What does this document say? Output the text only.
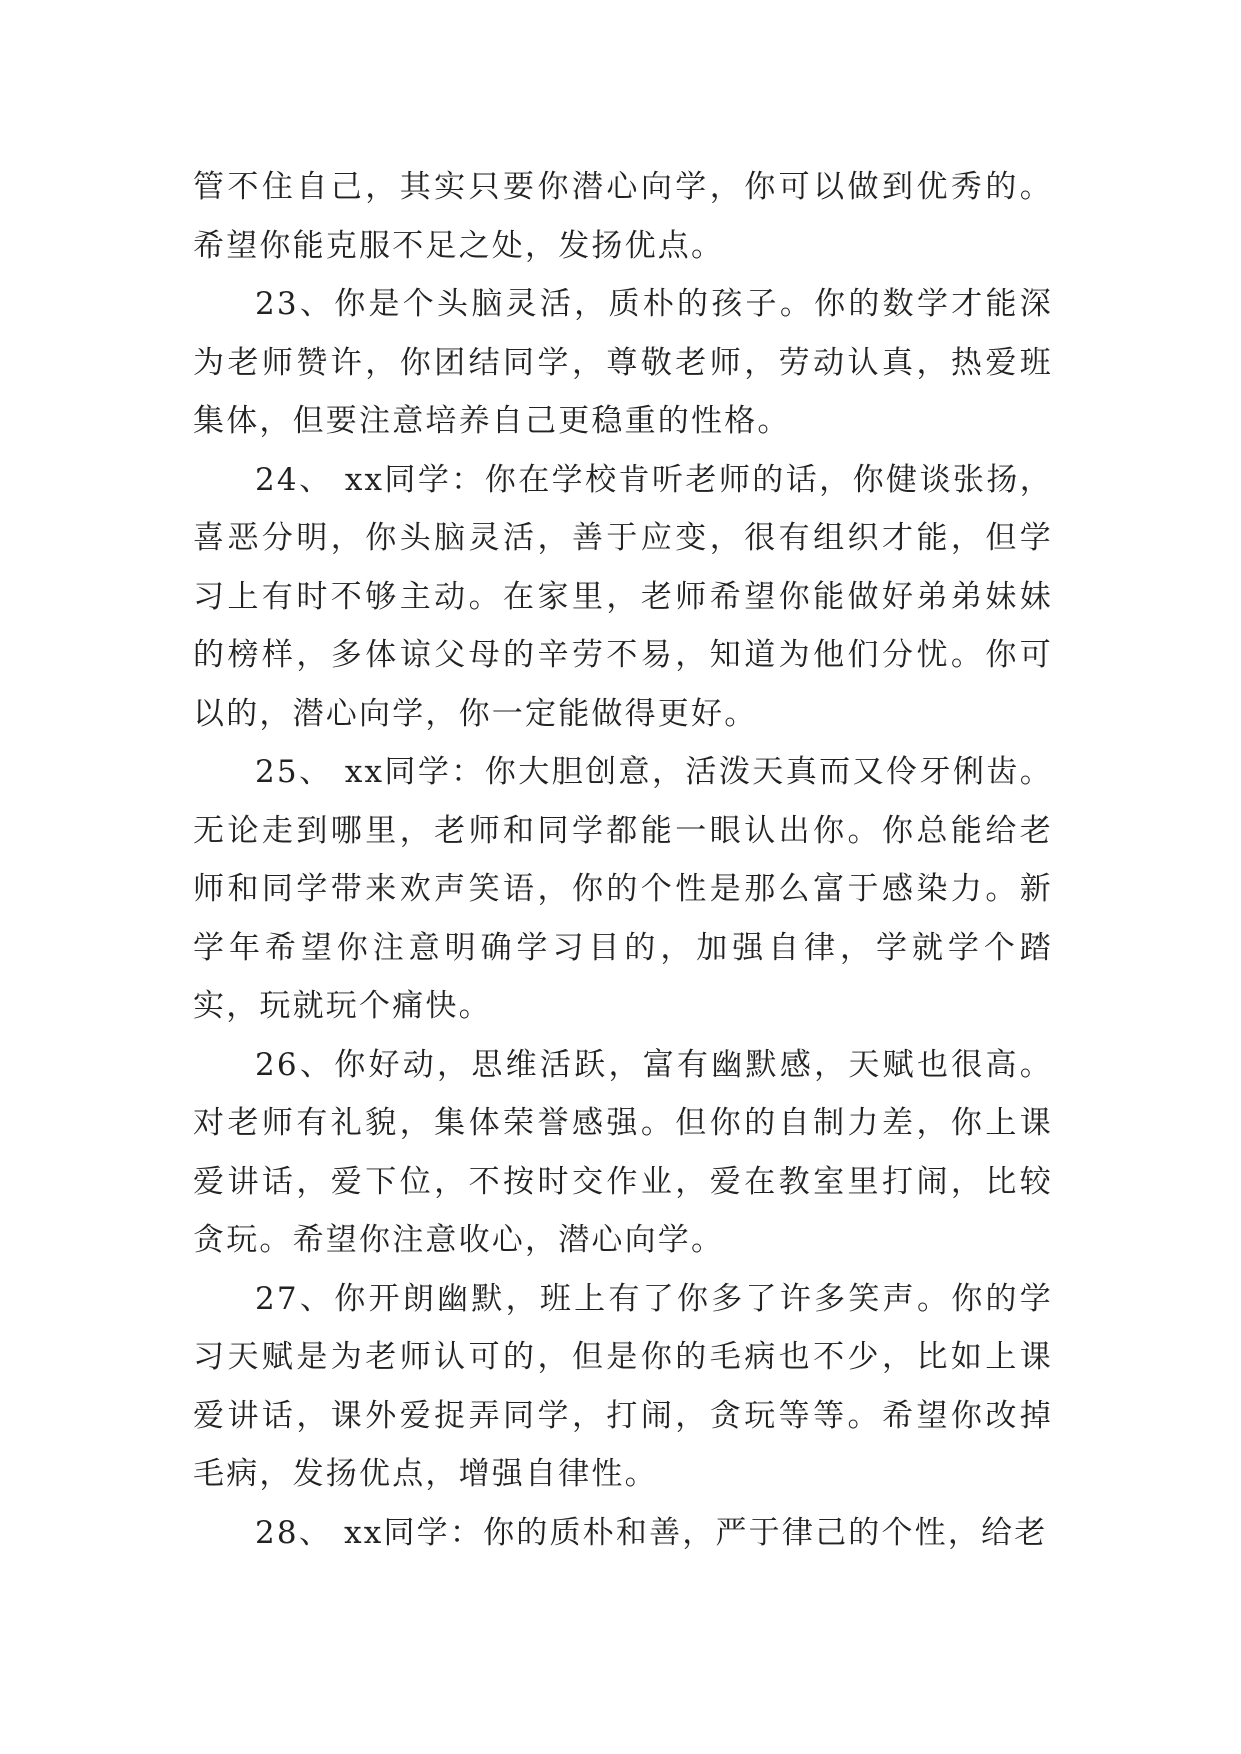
管不住自己，其实只要你潜心向学，你可以做到优秀的。希望你能克服不足之处，发扬优点。

23、你是个头脑灵活，质朴的孩子。你的数学才能深为老师赞许，你团结同学，尊敬老师，劳动认真，热爱班集体，但要注意培养自己更稳重的性格。

24、 xx同学：你在学校肯听老师的话，你健谈张扬，喜恶分明，你头脑灵活，善于应变，很有组织才能，但学习上有时不够主动。在家里，老师希望你能做好弟弟妹妹的榜样，多体谅父母的辛劳不易，知道为他们分忧。你可以的，潜心向学，你一定能做得更好。

25、 xx同学：你大胆创意，活泼天真而又伶牙俐齿。无论走到哪里，老师和同学都能一眼认出你。你总能给老师和同学带来欢声笑语，你的个性是那么富于感染力。新学年希望你注意明确学习目的，加强自律，学就学个踏实，玩就玩个痛快。

26、你好动，思维活跃，富有幽默感，天赋也很高。对老师有礼貌，集体荣誉感强。但你的自制力差，你上课爱讲话，爱下位，不按时交作业，爱在教室里打闹，比较贪玩。希望你注意收心，潜心向学。

27、你开朗幽默，班上有了你多了许多笑声。你的学习天赋是为老师认可的，但是你的毛病也不少，比如上课爱讲话，课外爱捉弄同学，打闹，贪玩等等。希望你改掉毛病，发扬优点，增强自律性。

28、 xx同学：你的质朴和善，严于律己的个性，给老
